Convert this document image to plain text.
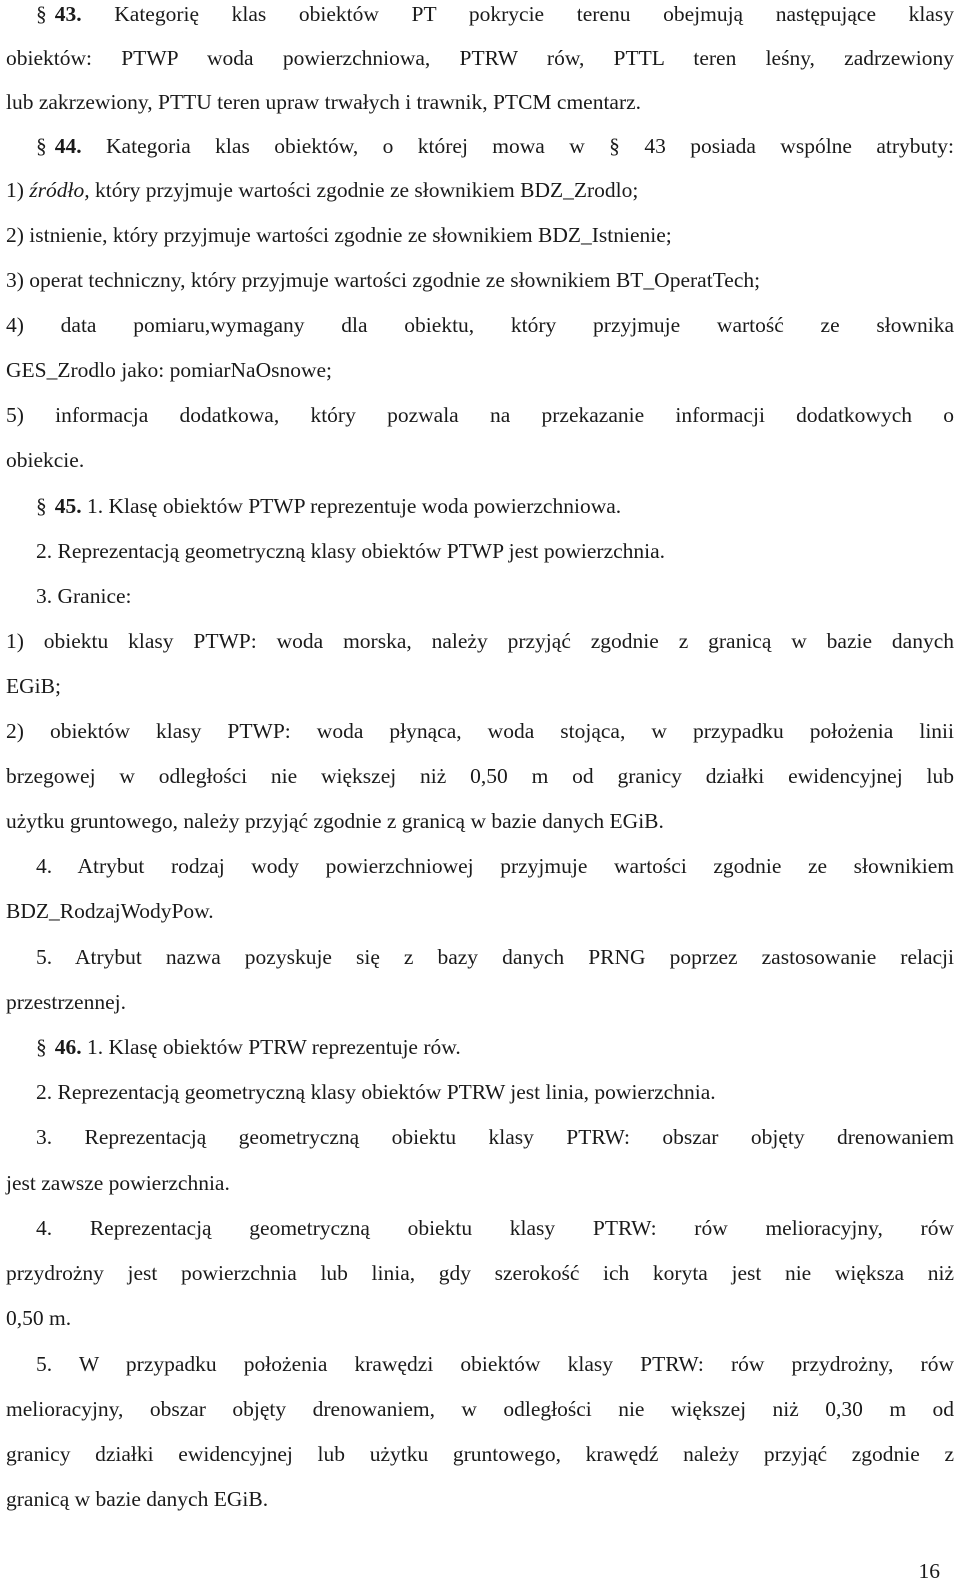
§ 43. Kategorię klas obiektów PT pokrycie terenu obejmują następujące klasy
obiektów: PTWP woda powierzchniowa, PTRW rów, PTTL teren leśny, zadrzewiony
lub zakrzewiony, PTTU teren upraw trwałych i trawnik, PTCM cmentarz.
§ 44. Kategoria klas obiektów, o której mowa w § 43 posiada wspólne atrybuty:
1) źródło, który przyjmuje wartości zgodnie ze słownikiem BDZ_Zrodlo;
2) istnienie, który przyjmuje wartości zgodnie ze słownikiem BDZ_Istnienie;
3) operat techniczny, który przyjmuje wartości zgodnie ze słownikiem BT_OperatTech;
4) data pomiaru,wymagany dla obiektu, który przyjmuje wartość ze słownika
GES_Zrodlo jako: pomiarNaOsnowe;
5) informacja dodatkowa, który pozwala na przekazanie informacji dodatkowych o
obiekcie.
§ 45. 1. Klasę obiektów PTWP reprezentuje woda powierzchniowa.
2. Reprezentacją geometryczną klasy obiektów PTWP jest powierzchnia.
3. Granice:
1) obiektu klasy PTWP: woda morska, należy przyjąć zgodnie z granicą w bazie danych
EGiB;
2) obiektów klasy PTWP: woda płynąca, woda stojąca, w przypadku położenia linii
brzegowej w odległości nie większej niż 0,50 m od granicy działki ewidencyjnej lub
użytku gruntowego, należy przyjąć zgodnie z granicą w bazie danych EGiB.
4. Atrybut rodzaj wody powierzchniowej przyjmuje wartości zgodnie ze słownikiem
BDZ_RodzajWodyPow.
5. Atrybut nazwa pozyskuje się z bazy danych PRNG poprzez zastosowanie relacji
przestrzennej.
§ 46. 1. Klasę obiektów PTRW reprezentuje rów.
2. Reprezentacją geometryczną klasy obiektów PTRW jest linia, powierzchnia.
3. Reprezentacją geometryczną obiektu klasy PTRW: obszar objęty drenowaniem
jest zawsze powierzchnia.
4. Reprezentacją geometryczną obiektu klasy PTRW: rów melioracyjny, rów
przydrożny jest powierzchnia lub linia, gdy szerokość ich koryta jest nie większa niż
0,50 m.
5. W przypadku położenia krawędzi obiektów klasy PTRW: rów przydrożny, rów
melioracyjny, obszar objęty drenowaniem, w odległości nie większej niż 0,30 m od
granicy działki ewidencyjnej lub użytku gruntowego, krawędź należy przyjąć zgodnie z
granicą w bazie danych EGiB.
16
